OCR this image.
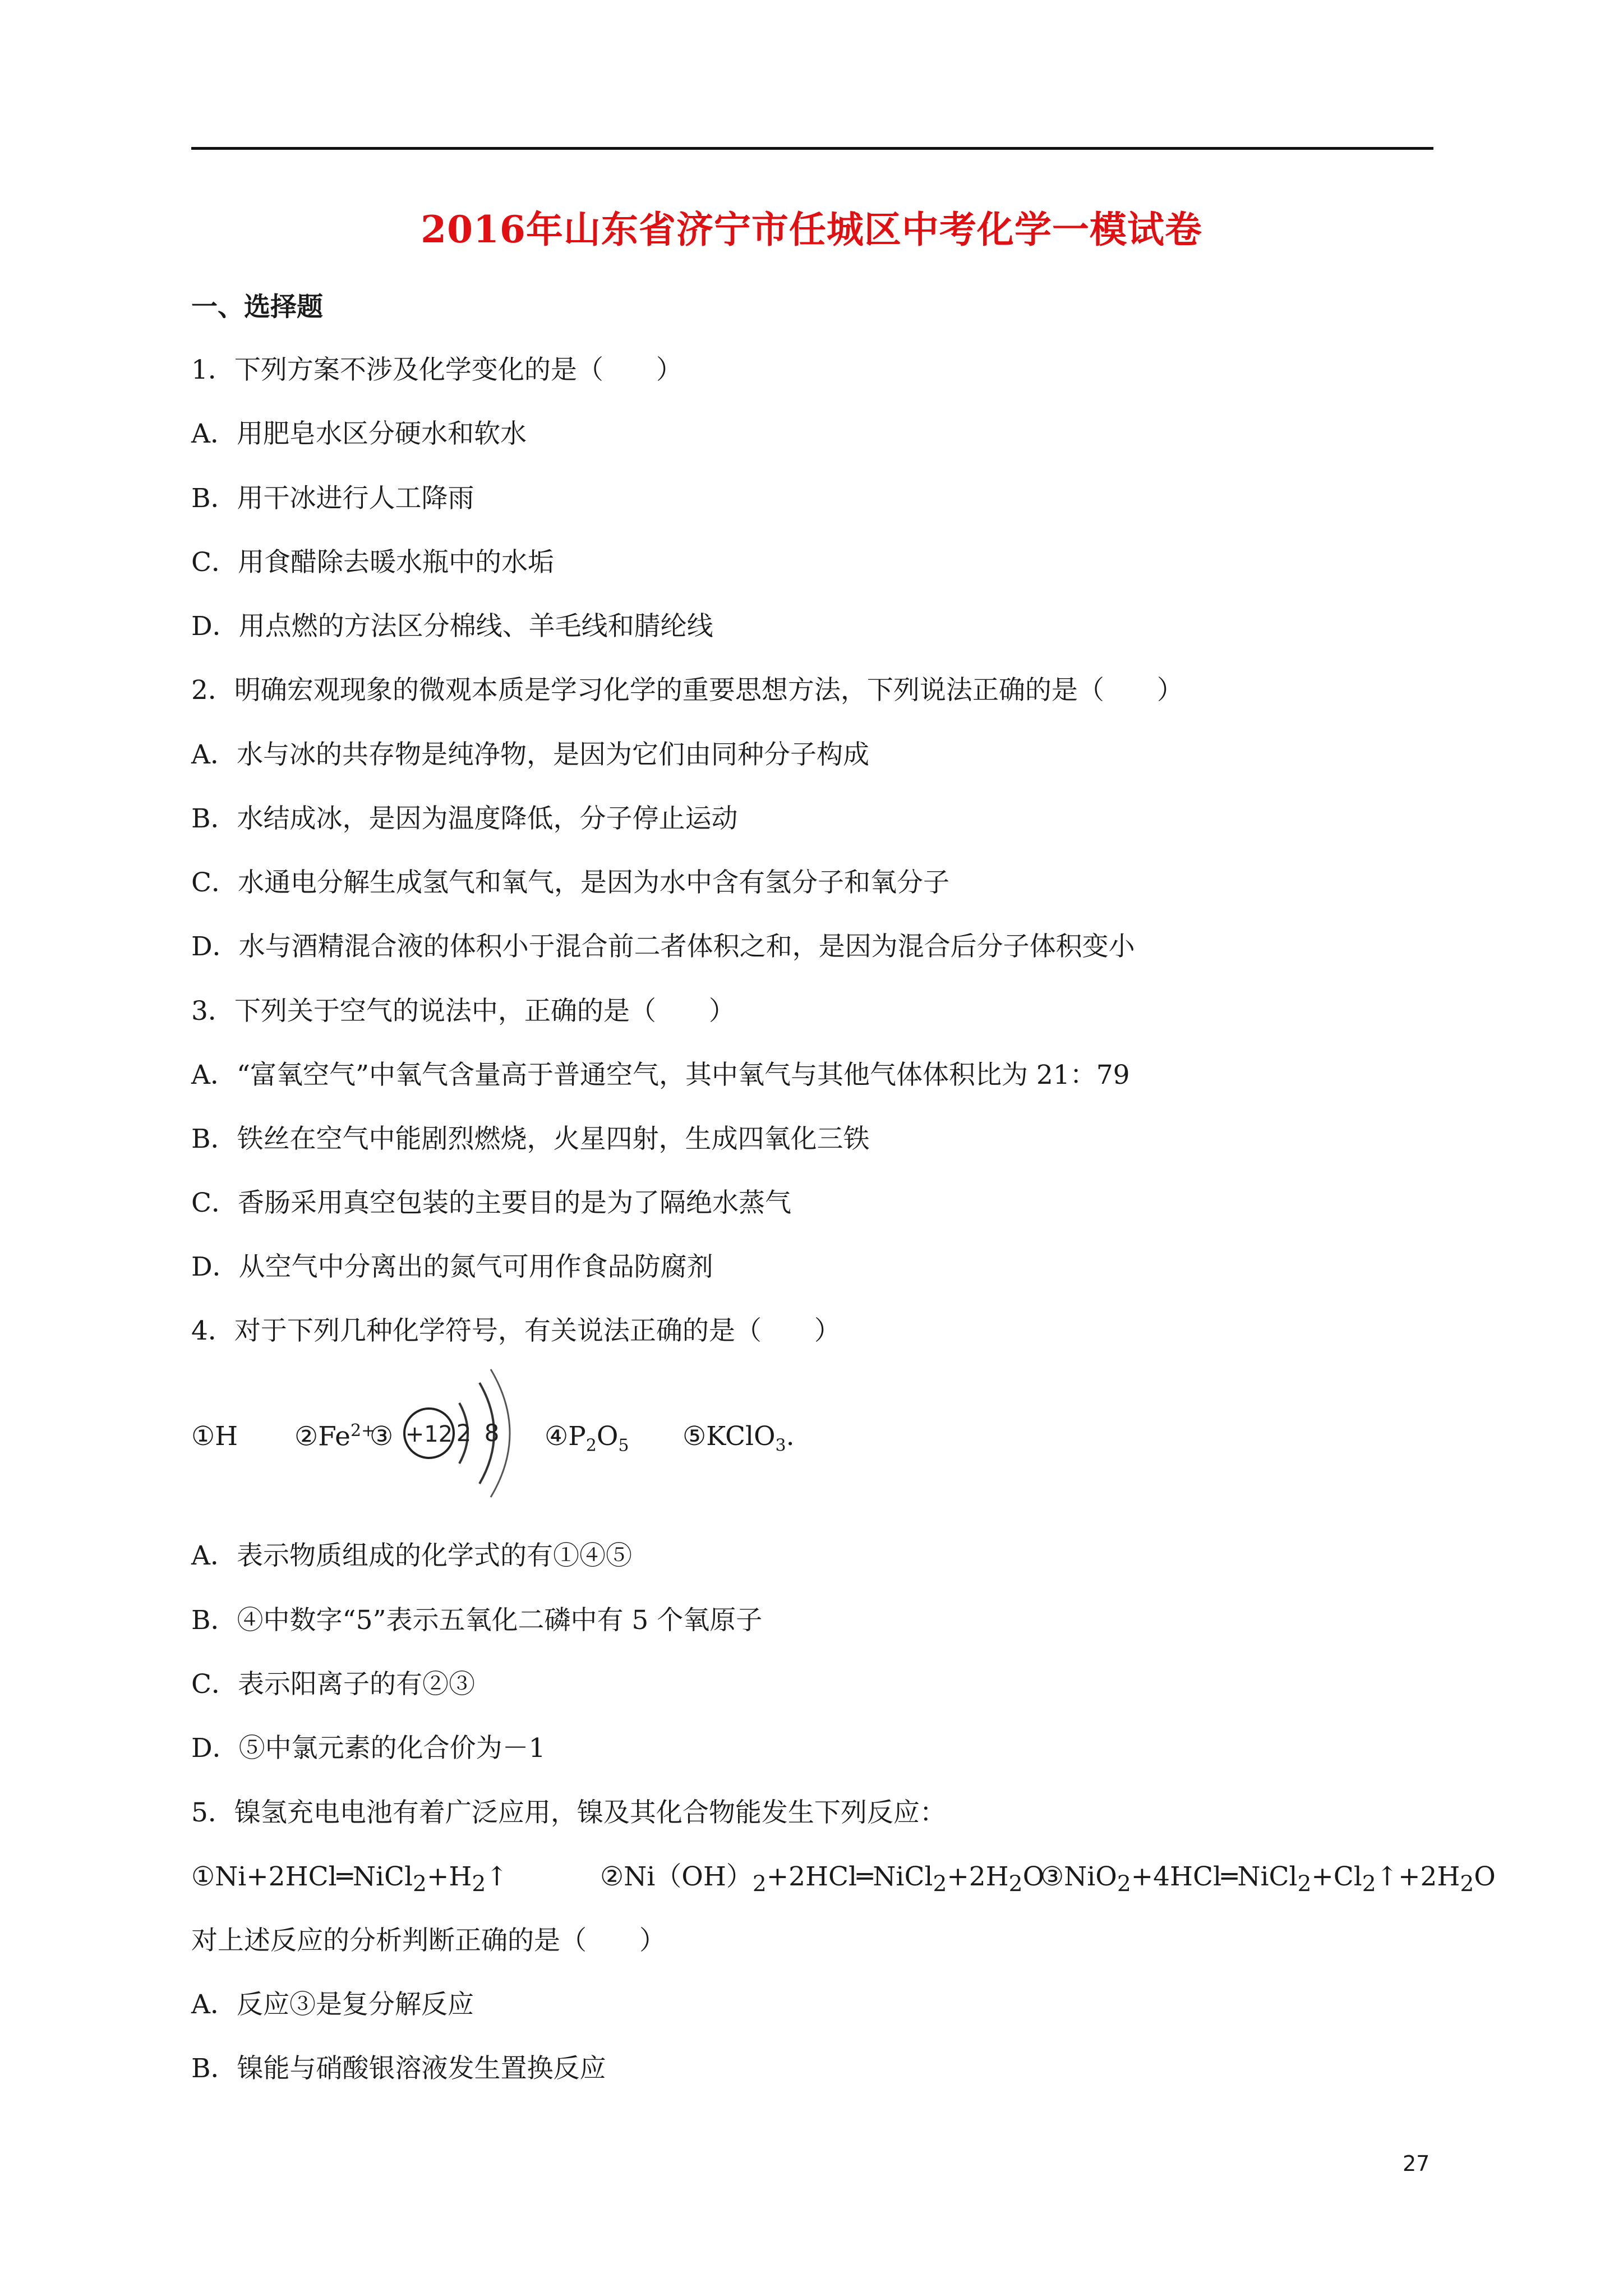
2016年山东省济宁市任城区中考化学一模试卷
一、选择题
1．下列方案不涉及化学变化的是（　　）
A．用肥皂水区分硬水和软水
B．用干冰进行人工降雨
C．用食醋除去暖水瓶中的水垢
D．用点燃的方法区分棉线、羊毛线和腈纶线
2．明确宏观现象的微观本质是学习化学的重要思想方法，下列说法正确的是（　　）
A．水与冰的共存物是纯净物，是因为它们由同种分子构成
B．水结成冰，是因为温度降低，分子停止运动
C．水通电分解生成氢气和氧气，是因为水中含有氢分子和氧分子
D．水与酒精混合液的体积小于混合前二者体积之和，是因为混合后分子体积变小
3．下列关于空气的说法中，正确的是（　　）
A．“富氧空气”中氧气含量高于普通空气，其中氧气与其他气体体积比为 21：79
B．铁丝在空气中能剧烈燃烧，火星四射，生成四氧化三铁
C．香肠采用真空包装的主要目的是为了隔绝水蒸气
D．从空气中分离出的氮气可用作食品防腐剂
4．对于下列几种化学符号，有关说法正确的是（　　）
①H $②Fe^{2+}$
③ +12 2 8 $④P_2O_5$ ⑤KClO$_3$.
A．表示物质组成的化学式的有①④⑤
B．④中数字“5”表示五氧化二磷中有 5 个氧原子
C．表示阳离子的有②③
D．⑤中氯元素的化合价为－1
5．镍氢充电电池有着广泛应用，镍及其化合物能发生下列反应：
$①Ni+2HCl═NiCl_2+H_2↑$	$②Ni(OH)_2+2HCl═NiCl_2+2H_2O$
$③NiO_2+4HCl═NiCl_2+Cl_2↑+2H_2O$
对上述反应的分析判断正确的是（　　）
A．反应③是复分解反应
B．镍能与硝酸银溶液发生置换反应
27
